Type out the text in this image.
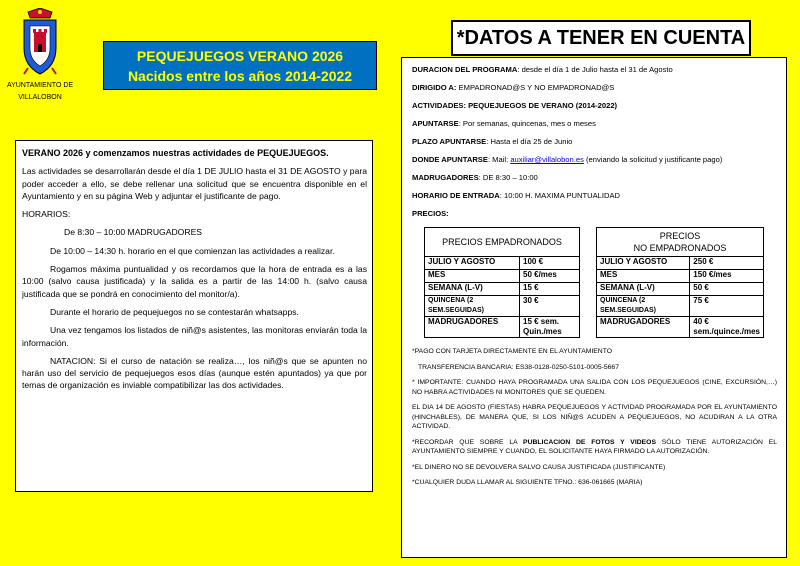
AYUNTAMIENTO DE
VILLALOBON
PEQUEJUEGOS VERANO 2026
Nacidos entre los años 2014-2022
*DATOS A TENER EN CUENTA

VERANO 2026 y comenzamos nuestras actividades de PEQUEJUEGOS.

Las actividades se desarrollarán desde el día 1 DE JULIO hasta el 31 DE AGOSTO y para poder acceder a ello, se debe rellenar una solicitud que se encuentra disponible en el Ayuntamiento y en su página Web y adjuntar el justificante de pago.

HORARIOS:

De 8:30 – 10:00 MADRUGADORES

De 10:00 – 14:30 h. horario en el que comienzan las actividades a realizar.

Rogamos máxima puntualidad y os recordamos que la hora de entrada es a las 10:00 (salvo causa justificada) y la salida es a partir de las 14:00 h. (salvo causa justificada que se pondrá en conocimiento del monitor/a).

Durante el horario de pequejuegos no se contestarán whatsapps.

Una vez tengamos los listados de niñ@s asistentes, las monitoras enviarán toda la información.

NATACION: Si el curso de natación se realiza…, los niñ@s que se apunten no harán uso del servicio de pequejuegos esos días (aunque estén apuntados) ya que por temas de organización es inviable compatibilizar las dos actividades.

DURACION DEL PROGRAMA: desde el día 1 de Julio hasta el 31 de Agosto

DIRIGIDO A: EMPADRONAD@S Y NO EMPADRONAD@S

ACTIVIDADES: PEQUEJUEGOS DE VERANO (2014-2022)

APUNTARSE: Por semanas, quincenas, mes o meses

PLAZO APUNTARSE: Hasta el día 25 de Junio

DONDE APUNTARSE: Mail: auxiliar@villalobon.es (enviando la solicitud y justificante pago)

MADRUGADORES: DE 8:30 – 10:00

HORARIO DE ENTRADA: 10:00 H. MAXIMA PUNTUALIDAD

PRECIOS:

PRECIOS EMPADRONADOS	
JULIO Y AGOSTO	100 €
MES	50 €/mes
SEMANA (L-V)	15 €
QUINCENA (2 SEM.SEGUIDAS)	30 €
MADRUGADORES	15 € sem. Quin./mes
PRECIOS
NO EMPADRONADOS	

JULIO Y AGOSTO	250 €
MES	150 €/mes
SEMANA (L-V)	50 €
QUINCENA (2 SEM.SEGUIDAS)	75 €
MADRUGADORES	40 € sem./quince./mes

*PAGO CON TARJETA DIRECTAMENTE EN EL AYUNTAMIENTO

TRANSFERENCIA BANCARIA: ES38-0128-0250-5101-0005-5667

* IMPORTANTE: CUANDO HAYA PROGRAMADA UNA SALIDA CON LOS PEQUEJUEGOS (CINE, EXCURSIÓN,…) NO HABRA ACTIVIDADES NI MONITORES QUE SE QUEDEN.

EL DIA 14 DE AGOSTO (FIESTAS) HABRA PEQUEJUEGOS Y ACTIVIDAD PROGRAMADA POR EL AYUNTAMIENTO (HINCHABLES), DE MANERA QUE, SI LOS NIÑ@S ACUDEN A PEQUEJUEGOS, NO ACUDIRAN A LA OTRA ACTIVIDAD.

*RECORDAR QUE SOBRE LA PUBLICACION DE FOTOS Y VIDEOS SÓLO TIENE AUTORIZACIÓN EL AYUNTAMIENTO SIEMPRE Y CUANDO, EL SOLICITANTE HAYA FIRMADO LA AUTORIZACIÓN.

*EL DINERO NO SE DEVOLVERA SALVO CAUSA JUSTIFICADA (JUSTIFICANTE)

*CUALQUIER DUDA LLAMAR AL SIGUIENTE TFNO.: 636-061665 (MARIA)
